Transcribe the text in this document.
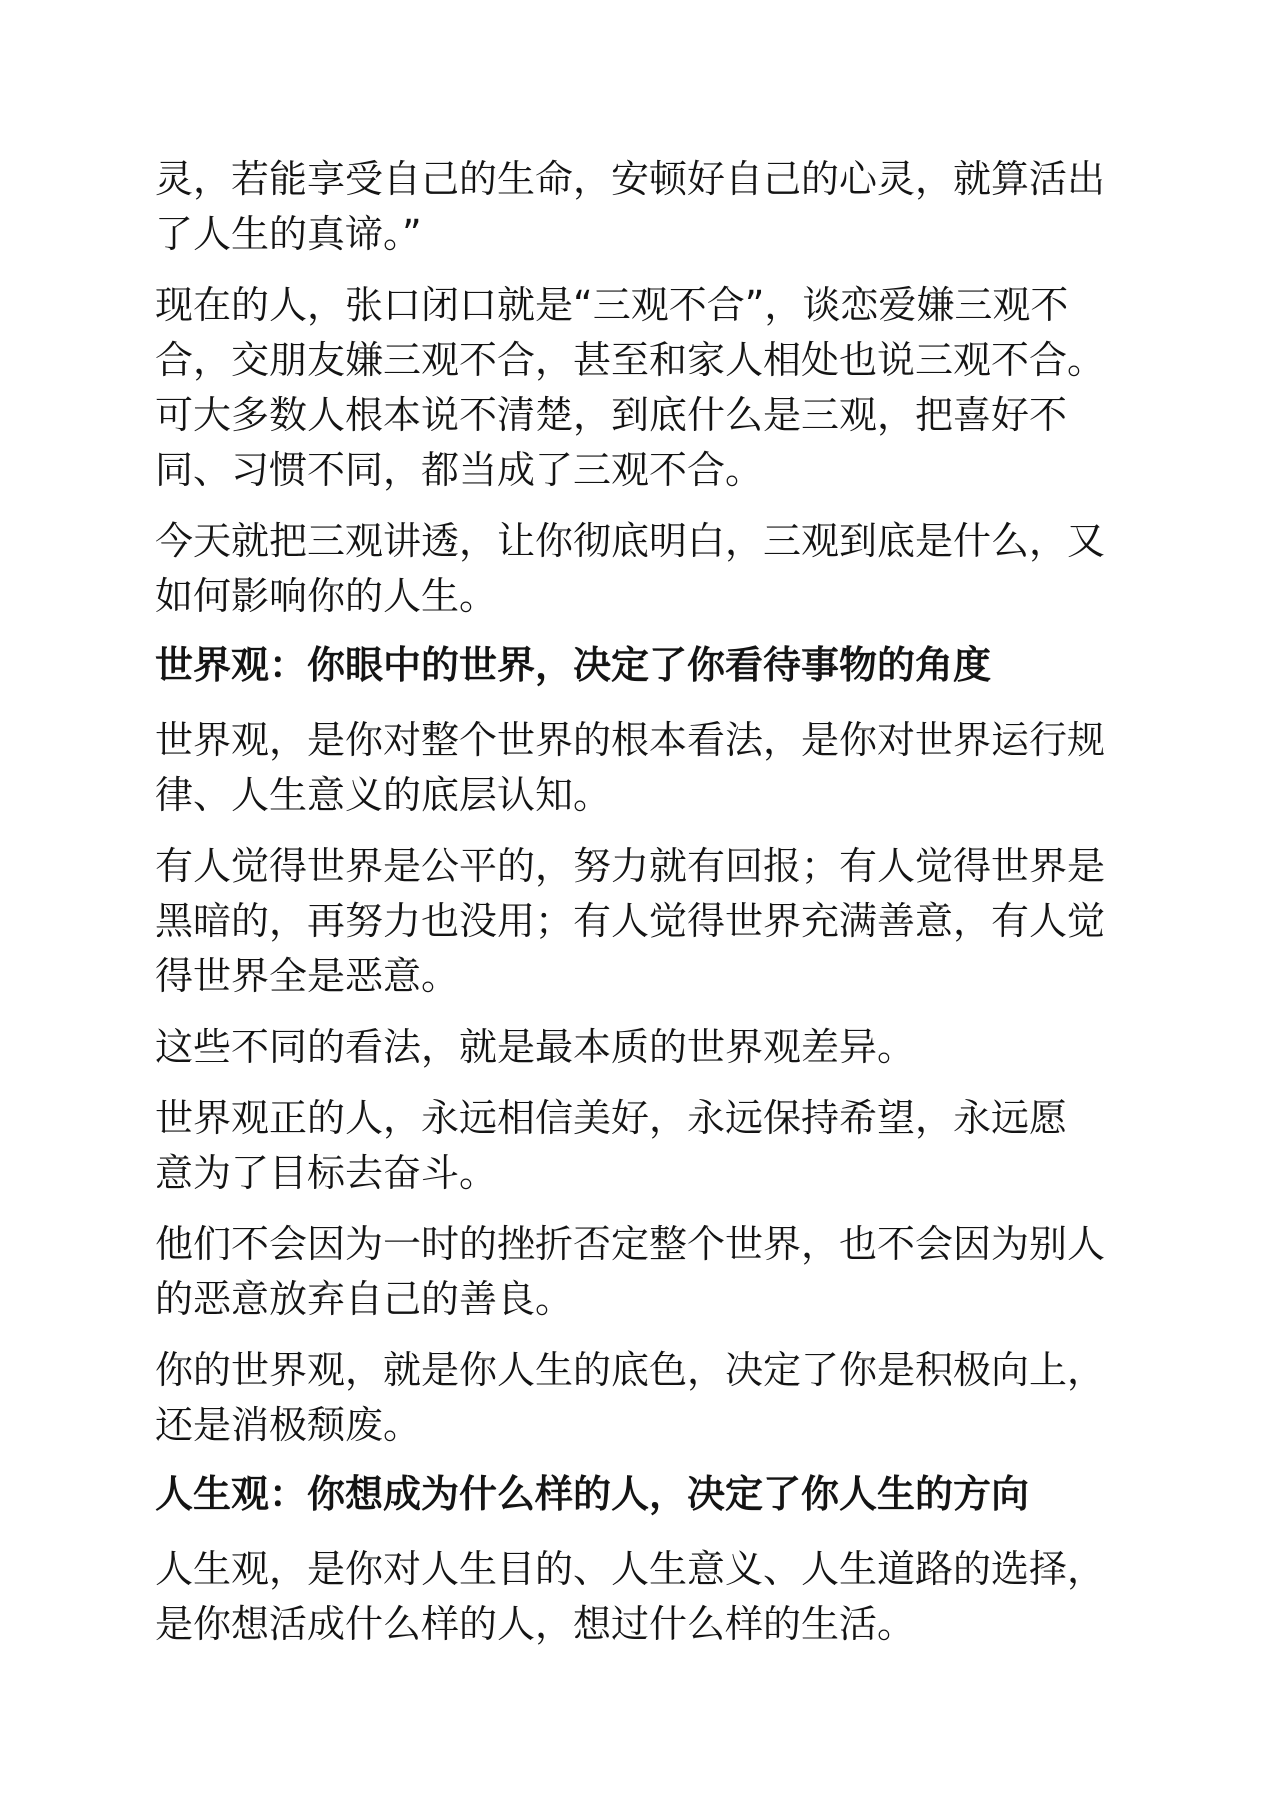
灵，若能享受自己的生命，安顿好自己的心灵，就算活出
了人生的真谛。”
现在的人，张口闭口就是“三观不合”，谈恋爱嫌三观不
合，交朋友嫌三观不合，甚至和家人相处也说三观不合。
可大多数人根本说不清楚，到底什么是三观，把喜好不
同、习惯不同，都当成了三观不合。
今天就把三观讲透，让你彻底明白，三观到底是什么，又
如何影响你的人生。
世界观：你眼中的世界，决定了你看待事物的角度
世界观，是你对整个世界的根本看法，是你对世界运行规
律、人生意义的底层认知。
有人觉得世界是公平的，努力就有回报；有人觉得世界是
黑暗的，再努力也没用；有人觉得世界充满善意，有人觉
得世界全是恶意。
这些不同的看法，就是最本质的世界观差异。
世界观正的人，永远相信美好，永远保持希望，永远愿
意为了目标去奋斗。
他们不会因为一时的挫折否定整个世界，也不会因为别人
的恶意放弃自己的善良。
你的世界观，就是你人生的底色，决定了你是积极向上，
还是消极颓废。
人生观：你想成为什么样的人，决定了你人生的方向
人生观，是你对人生目的、人生意义、人生道路的选择，
是你想活成什么样的人，想过什么样的生活。
